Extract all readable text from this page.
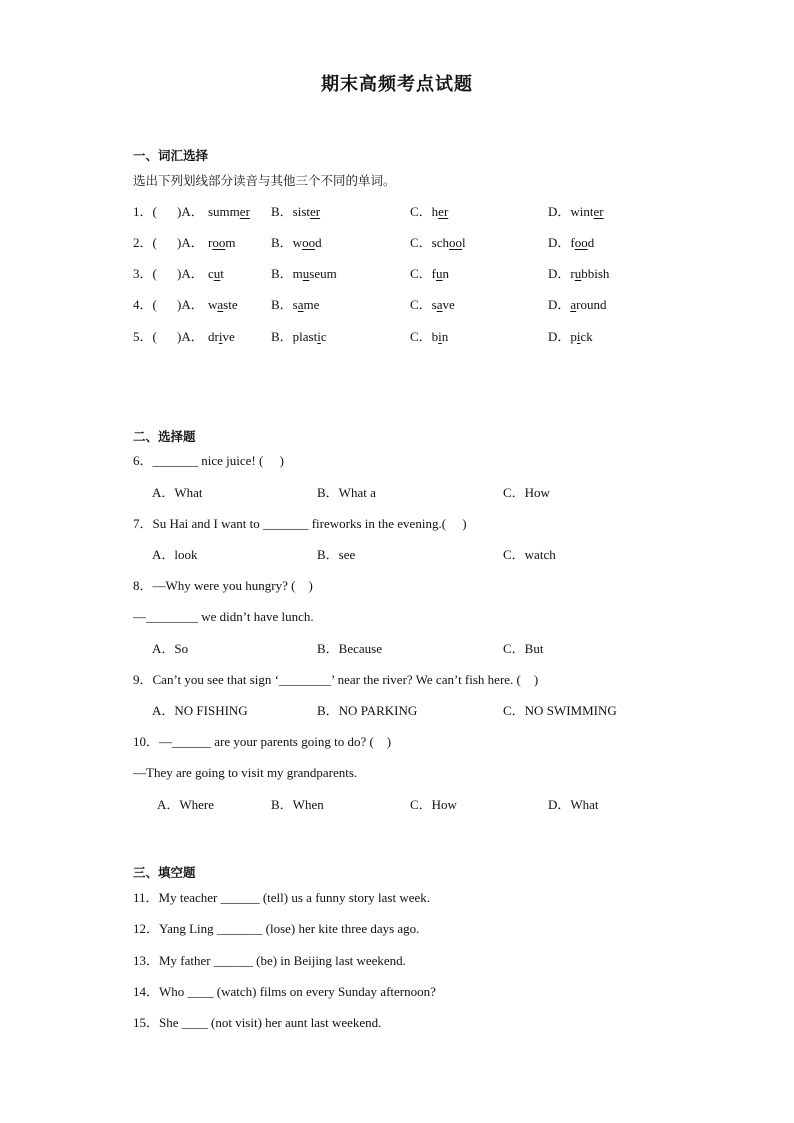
期末高频考点试题
一、词汇选择
选出下列划线部分读音与其他三个不同的单词。
1．( )A． summer B．sister	C．her	D．winter
2．( )A． room	B．wood	C．school	D．food
3．( )A． cut	B．museum	C．fun	D．rubbish
4．( )A． waste	B．same	C．save	D．around
5．( )A． drive	B．plastic	C．bin	D．pick
二、选择题
6．_______ nice juice! (　 )
A．What	B．What a	C．How
7．Su Hai and I want to _______ fireworks in the evening.(　 )
A．look	B．see	C．watch
8．—Why were you hungry? (　)
—________ we didn’t have lunch.
A．So	B．Because	C．But
9．Can’t you see that sign ‘________’ near the river? We can’t fish here. (　)
A．NO FISHING	B．NO PARKING	C．NO SWIMMING
10．—______ are your parents going to do? (　)
—They are going to visit my grandparents.
A．Where	B．When	C．How	D．What
三、填空题
11．My teacher ______ (tell) us a funny story last week.
12．Yang Ling _______ (lose) her kite three days ago.
13．My father ______ (be) in Beijing last weekend.
14．Who ____ (watch) films on every Sunday afternoon?
15．She ____ (not visit) her aunt last weekend.
